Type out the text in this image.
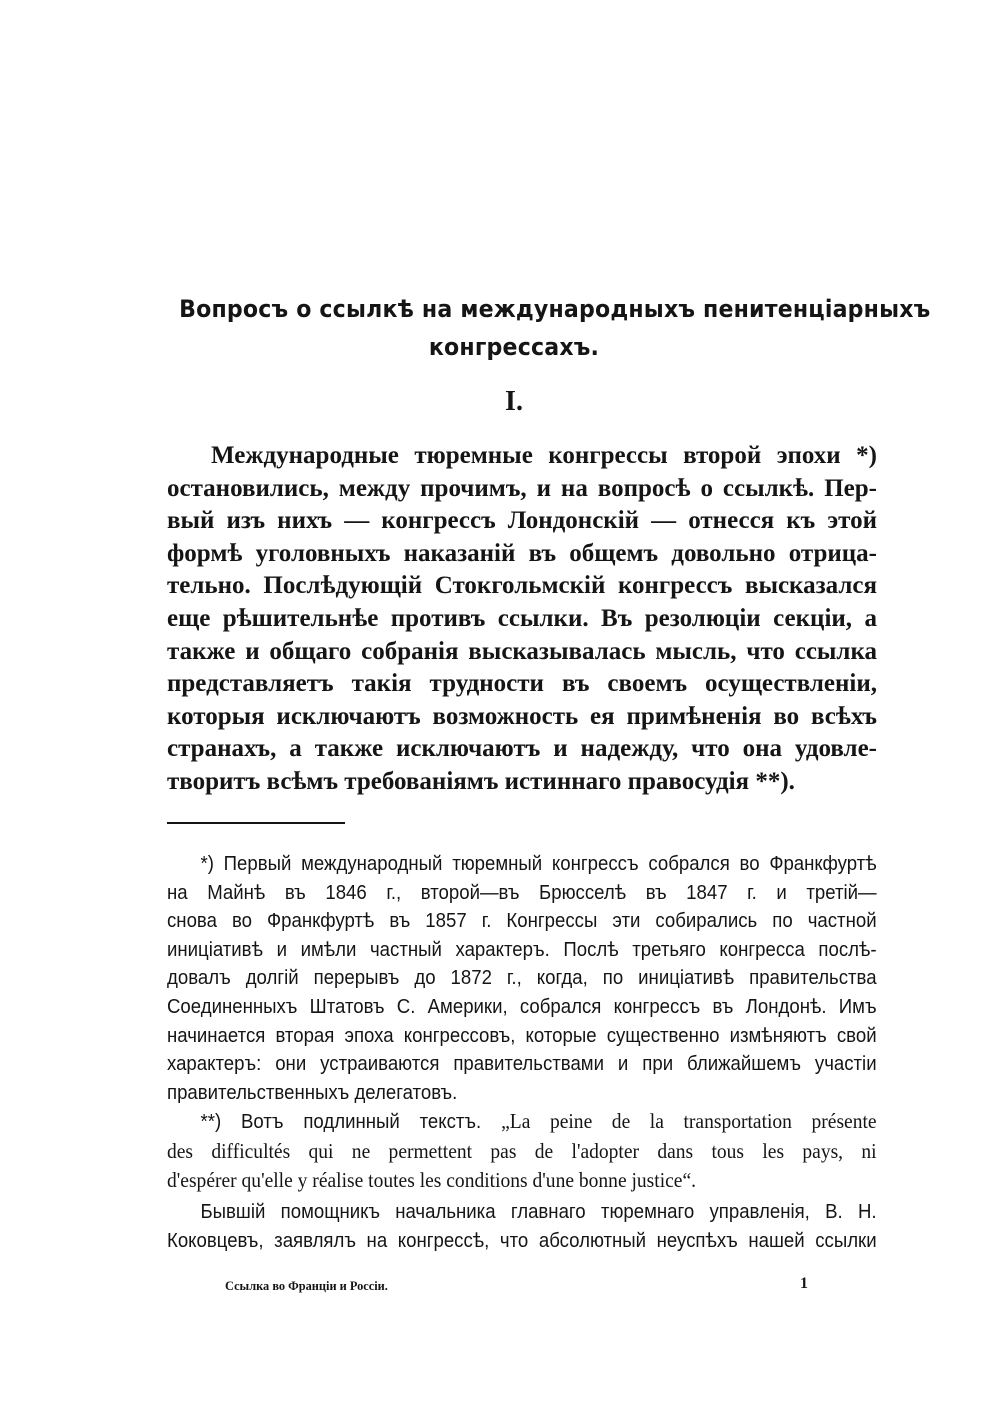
Вопросъ о ссылкѣ на международныхъ пенитенціарныхъ
конгрессахъ.
I.
Международные тюремные конгрессы второй эпохи *)
остановились, между прочимъ, и на вопросѣ о ссылкѣ. Пер-
вый изъ нихъ — конгрессъ Лондонскій — отнесся къ этой
формѣ уголовныхъ наказаній въ общемъ довольно отрица-
тельно. Послѣдующій Стокгольмскій конгрессъ высказался
еще рѣшительнѣе противъ ссылки. Въ резолюціи секціи, а
также и общаго собранія высказывалась мысль, что ссылка
представляетъ такія трудности въ своемъ осуществленіи,
которыя исключаютъ возможность ея примѣненія во всѣхъ
странахъ, а также исключаютъ и надежду, что она удовле-
творитъ всѣмъ требованіямъ истиннаго правосудія **).
*) Первый международный тюремный конгрессъ собрался во Франкфуртѣ
на Майнѣ въ 1846 г., второй—въ Брюсселѣ въ 1847 г. и третій—
снова во Франкфуртѣ въ 1857 г. Конгрессы эти собирались по частной
иниціативѣ и имѣли частный характеръ. Послѣ третьяго конгресса послѣ-
довалъ долгій перерывъ до 1872 г., когда, по иниціативѣ правительства
Соединенныхъ Штатовъ С. Америки, собрался конгрессъ въ Лондонѣ. Имъ
начинается вторая эпоха конгрессовъ, которые существенно измѣняютъ свой
характеръ: они устраиваются правительствами и при ближайшемъ участіи
правительственныхъ делегатовъ.
**) Вотъ подлинный текстъ. „La peine de la transportation présente
des difficultés qui ne permettent pas de l'adopter dans tous les pays, ni
d'espérer qu'elle y réalise toutes les conditions d'une bonne justice“.
Бывшій помощникъ начальника главнаго тюремнаго управленія, В. Н.
Коковцевъ, заявлялъ на конгрессѣ, что абсолютный неуспѣхъ нашей ссылки
Ссылка во Франціи и Россіи.	1
